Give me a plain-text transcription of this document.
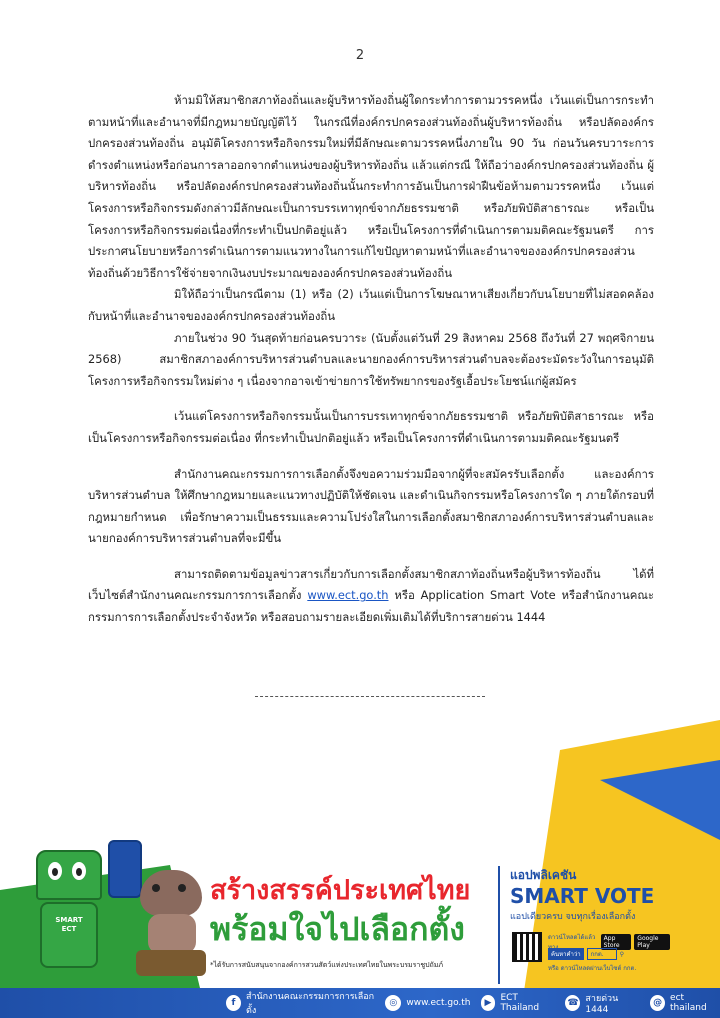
2

ห้ามมิให้สมาชิกสภาท้องถิ่นและผู้บริหารท้องถิ่นผู้ใดกระทำการตามวรรคหนึ่ง เว้นแต่เป็นการกระทำตามหน้าที่และอำนาจที่มีกฎหมายบัญญัติไว้ ในกรณีที่องค์กรปกครองส่วนท้องถิ่นผู้บริหารท้องถิ่น หรือปลัดองค์กรปกครองส่วนท้องถิ่น อนุมัติโครงการหรือกิจกรรมใหม่ที่มีลักษณะตามวรรคหนึ่งภายใน 90 วัน ก่อนวันครบวาระการดำรงตำแหน่งหรือก่อนการลาออกจากตำแหน่งของผู้บริหารท้องถิ่น แล้วแต่กรณี ให้ถือว่าองค์กรปกครองส่วนท้องถิ่น ผู้บริหารท้องถิ่น หรือปลัดองค์กรปกครองส่วนท้องถิ่นนั้นกระทำการอันเป็นการฝ่าฝืนข้อห้ามตามวรรคหนึ่ง เว้นแต่โครงการหรือกิจกรรมดังกล่าวมีลักษณะเป็นการบรรเทาทุกข์จากภัยธรรมชาติ หรือภัยพิบัติสาธารณะ หรือเป็นโครงการหรือกิจกรรมต่อเนื่องที่กระทำเป็นปกติอยู่แล้ว หรือเป็นโครงการที่ดำเนินการตามมติคณะรัฐมนตรี การประกาศนโยบายหรือการดำเนินการตามแนวทางในการแก้ไขปัญหาตามหน้าที่และอำนาจขององค์กรปกครองส่วนท้องถิ่นด้วยวิธีการใช้จ่ายจากเงินงบประมาณขององค์กรปกครองส่วนท้องถิ่น

มิให้ถือว่าเป็นกรณีตาม (1) หรือ (2) เว้นแต่เป็นการโฆษณาหาเสียงเกี่ยวกับนโยบายที่ไม่สอดคล้องกับหน้าที่และอำนาจขององค์กรปกครองส่วนท้องถิ่น

ภายในช่วง 90 วันสุดท้ายก่อนครบวาระ (นับตั้งแต่วันที่ 29 สิงหาคม 2568 ถึงวันที่ 27 พฤศจิกายน 2568) สมาชิกสภาองค์การบริหารส่วนตำบลและนายกองค์การบริหารส่วนตำบลจะต้องระมัดระวังในการอนุมัติโครงการหรือกิจกรรมใหม่ต่าง ๆ เนื่องจากอาจเข้าข่ายการใช้ทรัพยากรของรัฐเอื้อประโยชน์แก่ผู้สมัคร

เว้นแต่โครงการหรือกิจกรรมนั้นเป็นการบรรเทาทุกข์จากภัยธรรมชาติ หรือภัยพิบัติสาธารณะ หรือเป็นโครงการหรือกิจกรรมต่อเนื่อง ที่กระทำเป็นปกติอยู่แล้ว หรือเป็นโครงการที่ดำเนินการตามมติคณะรัฐมนตรี

สำนักงานคณะกรรมการการเลือกตั้งจึงขอความร่วมมือจากผู้ที่จะสมัครรับเลือกตั้ง และองค์การบริหารส่วนตำบล ให้ศึกษากฎหมายและแนวทางปฏิบัติให้ชัดเจน และดำเนินกิจกรรมหรือโครงการใด ๆ ภายใต้กรอบที่กฎหมายกำหนด เพื่อรักษาความเป็นธรรมและความโปร่งใสในการเลือกตั้งสมาชิกสภาองค์การบริหารส่วนตำบลและนายกองค์การบริหารส่วนตำบลที่จะมีขึ้น

สามารถติดตามข้อมูลข่าวสารเกี่ยวกับการเลือกตั้งสมาชิกสภาท้องถิ่นหรือผู้บริหารท้องถิ่น ได้ที่เว็บไซต์สำนักงานคณะกรรมการการเลือกตั้ง www.ect.go.th หรือ Application Smart Vote หรือสำนักงานคณะกรรมการการเลือกตั้งประจำจังหวัด หรือสอบถามรายละเอียดเพิ่มเติมได้ที่บริการสายด่วน 1444

SMART ECT
สร้างสรรค์ประเทศไทย
พร้อมใจไปเลือกตั้ง
*ได้รับการสนับสนุนจากองค์การสวนสัตว์แห่งประเทศไทยในพระบรมราชูปถัมภ์
แอปพลิเคชัน
SMART VOTE
แอปเดียวครบ จบทุกเรื่องเลือกตั้ง
ดาวน์โหลดได้แล้ว	App Store
Google Play
ค้นหาคำว่า	กกต.	⚲
หรือ ดาวน์โหลดผ่านเว็บไซต์ กกต.
f
สำนักงานคณะกรรมการการเลือกตั้ง
◎	www.ect.go.th	▶	ECT Thailand	☎ สายด่วน 1444
@ ect thailand
